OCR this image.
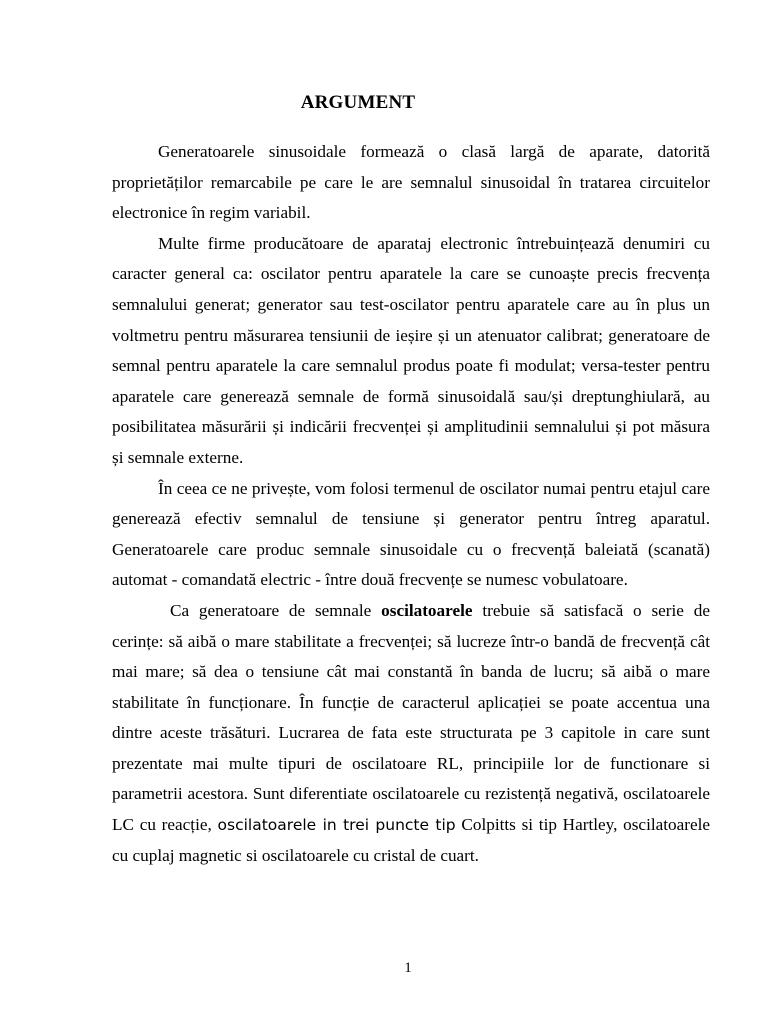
ARGUMENT

Generatoarele sinusoidale formează o clasă largă de aparate, datorită proprietăților remarcabile pe care le are semnalul sinusoidal în tratarea circuitelor electronice în regim variabil.

Multe firme producătoare de aparataj electronic întrebuințează denumiri cu caracter general ca: oscilator pentru aparatele la care se cunoaște precis frecvența semnalului generat; generator sau test-oscilator pentru aparatele care au în plus un voltmetru pentru măsurarea tensiunii de ieșire și un atenuator calibrat; generatoare de semnal pentru aparatele la care semnalul produs poate fi modulat; versa-tester pentru aparatele care generează semnale de formă sinusoidală sau/și dreptunghiulară, au posibilitatea măsurării și indicării frecvenței și amplitudinii semnalului și pot măsura și semnale externe.

În ceea ce ne privește, vom folosi termenul de oscilator numai pentru etajul care generează efectiv semnalul de tensiune și generator pentru întreg aparatul. Generatoarele care produc semnale sinusoidale cu o frecvență baleiată (scanată) automat - comandată electric - între două frecvențe se numesc vobulatoare.

Ca generatoare de semnale oscilatoarele trebuie să satisfacă o serie de cerințe: să aibă o mare stabilitate a frecvenței; să lucreze într-o bandă de frecvență cât mai mare; să dea o tensiune cât mai constantă în banda de lucru; să aibă o mare stabilitate în funcționare. În funcție de caracterul aplicației se poate accentua una dintre aceste trăsături. Lucrarea de fata este structurata pe 3 capitole in care sunt prezentate mai multe tipuri de oscilatoare RL, principiile lor de functionare si parametrii acestora. Sunt diferentiate oscilatoarele cu rezistență negativă, oscilatoarele LC cu reacție, oscilatoarele in trei puncte tip Colpitts si tip Hartley, oscilatoarele cu cuplaj magnetic si oscilatoarele cu cristal de cuart.

1
